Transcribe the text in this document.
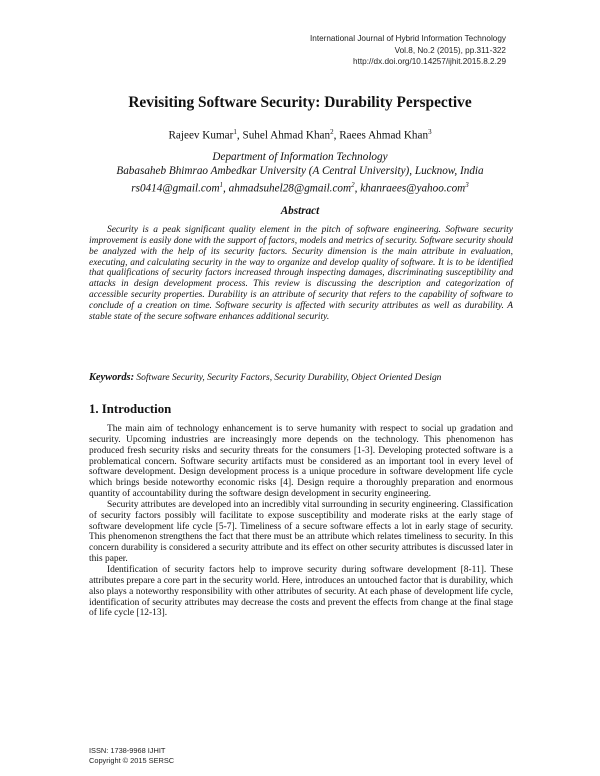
International Journal of Hybrid Information Technology
Vol.8, No.2 (2015), pp.311-322
http://dx.doi.org/10.14257/ijhit.2015.8.2.29
Revisiting Software Security: Durability Perspective
Rajeev Kumar$^1$, Suhel Ahmad Khan$^2$, Raees Ahmad Khan$^3$
Department of Information Technology
Babasaheb Bhimrao Ambedkar University (A Central University), Lucknow, India
rs0414@gmail.com$^1$, ahmadsuhel28@gmail.com$^2$, khanraees@yahoo.com$^3$
Abstract
Security is a peak significant quality element in the pitch of software engineering. Software security improvement is easily done with the support of factors, models and metrics of security. Software security should be analyzed with the help of its security factors. Security dimension is the main attribute in evaluation, executing, and calculating security in the way to organize and develop quality of software. It is to be identified that qualifications of security factors increased through inspecting damages, discriminating susceptibility and attacks in design development process. This review is discussing the description and categorization of accessible security properties. Durability is an attribute of security that refers to the capability of software to conclude of a creation on time. Software security is affected with security attributes as well as durability. A stable state of the secure software enhances additional security.
Keywords: Software Security, Security Factors, Security Durability, Object Oriented Design
1. Introduction

The main aim of technology enhancement is to serve humanity with respect to social up gradation and security. Upcoming industries are increasingly more depends on the technology. This phenomenon has produced fresh security risks and security threats for the consumers [1-3]. Developing protected software is a problematical concern. Software security artifacts must be considered as an important tool in every level of software development. Design development process is a unique procedure in software development life cycle which brings beside noteworthy economic risks [4]. Design require a thoroughly preparation and enormous quantity of accountability during the software design development in security engineering.

Security attributes are developed into an incredibly vital surrounding in security engineering. Classification of security factors possibly will facilitate to expose susceptibility and moderate risks at the early stage of software development life cycle [5-7]. Timeliness of a secure software effects a lot in early stage of security. This phenomenon strengthens the fact that there must be an attribute which relates timeliness to security. In this concern durability is considered a security attribute and its effect on other security attributes is discussed later in this paper.

Identification of security factors help to improve security during software development [8-11]. These attributes prepare a core part in the security world. Here, introduces an untouched factor that is durability, which also plays a noteworthy responsibility with other attributes of security. At each phase of development life cycle, identification of security attributes may decrease the costs and prevent the effects from change at the final stage of life cycle [12-13].

ISSN: 1738-9968 IJHIT
Copyright © 2015 SERSC
